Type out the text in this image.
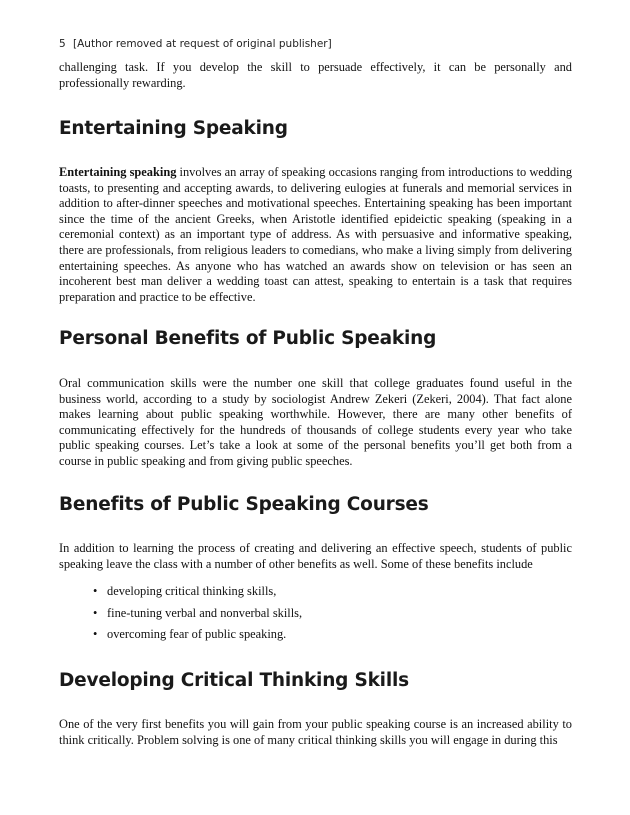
5 [Author removed at request of original publisher]

challenging task. If you develop the skill to persuade effectively, it can be personally and professionally rewarding.

Entertaining Speaking

Entertaining speaking involves an array of speaking occasions ranging from introductions to wedding toasts, to presenting and accepting awards, to delivering eulogies at funerals and memorial services in addition to after-dinner speeches and motivational speeches. Entertaining speaking has been important since the time of the ancient Greeks, when Aristotle identified epideictic speaking (speaking in a ceremonial context) as an important type of address. As with persuasive and informative speaking, there are professionals, from religious leaders to comedians, who make a living simply from delivering entertaining speeches. As anyone who has watched an awards show on television or has seen an incoherent best man deliver a wedding toast can attest, speaking to entertain is a task that requires preparation and practice to be effective.

Personal Benefits of Public Speaking

Oral communication skills were the number one skill that college graduates found useful in the business world, according to a study by sociologist Andrew Zekeri (Zekeri, 2004). That fact alone makes learning about public speaking worthwhile. However, there are many other benefits of communicating effectively for the hundreds of thousands of college students every year who take public speaking courses. Let’s take a look at some of the personal benefits you’ll get both from a course in public speaking and from giving public speeches.

Benefits of Public Speaking Courses

In addition to learning the process of creating and delivering an effective speech, students of public speaking leave the class with a number of other benefits as well. Some of these benefits include

• developing critical thinking skills,
• fine-tuning verbal and nonverbal skills,
• overcoming fear of public speaking.
Developing Critical Thinking Skills

One of the very first benefits you will gain from your public speaking course is an increased ability to think critically. Problem solving is one of many critical thinking skills you will engage in during this
